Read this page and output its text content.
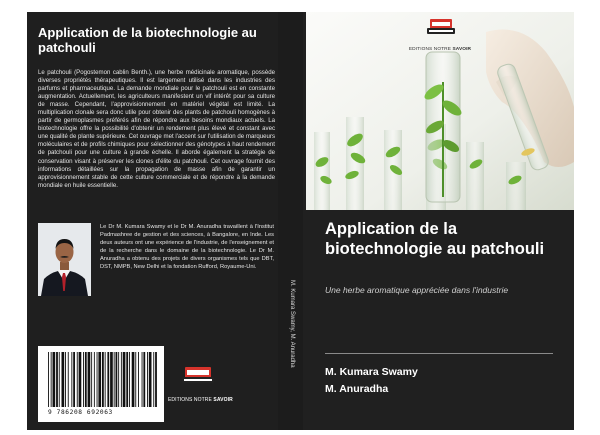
Application de la biotechnologie au patchouli
Le patchouli (Pogostemon cablin Benth.), une herbe médicinale aromatique, possède diverses propriétés thérapeutiques. Il est largement utilisé dans les industries des parfums et pharmaceutique. La demande mondiale pour le patchouli est en constante augmentation. Actuellement, les agriculteurs manifestent un vif intérêt pour sa culture de masse. Cependant, l'approvisionnement en matériel végétal est limité. La multiplication clonale sera donc utile pour obtenir des plants de patchouli homogènes à partir de germoplasmes préférés afin de répondre aux besoins mondiaux actuels. La biotechnologie offre la possibilité d'obtenir un rendement plus élevé et constant avec une qualité de plante supérieure. Cet ouvrage met l'accent sur l'utilisation de marqueurs moléculaires et de profils chimiques pour sélectionner des génotypes à haut rendement de patchouli pour une culture à grande échelle. Il aborde également la stratégie de conservation visant à préserver les clones d'élite du patchouli. Cet ouvrage fournit des informations détaillées sur la propagation de masse afin de garantir un approvisionnement stable de cette culture commerciale et de répondre à la demande mondiale en huile essentielle.
Le Dr M. Kumara Swamy et le Dr M. Anuradha travaillent à l'Institut Padmashree de gestion et des sciences, à Bangalore, en Inde. Les deux auteurs ont une expérience de l'industrie, de l'enseignement et de la recherche dans le domaine de la biotechnologie. Le Dr M. Anuradha a obtenu des projets de divers organismes tels que DBT, DST, NMPB, New Delhi et la fondation Rufford, Royaume-Uni.
9 786208 692063
EDITIONS NOTRE SAVOIR
M. Kumara Swamy, M. Anuradha
EDITIONS NOTRE SAVOIR
Application de la biotechnologie au patchouli
Une herbe aromatique appréciée dans l'industrie
M. Kumara Swamy
M. Anuradha
